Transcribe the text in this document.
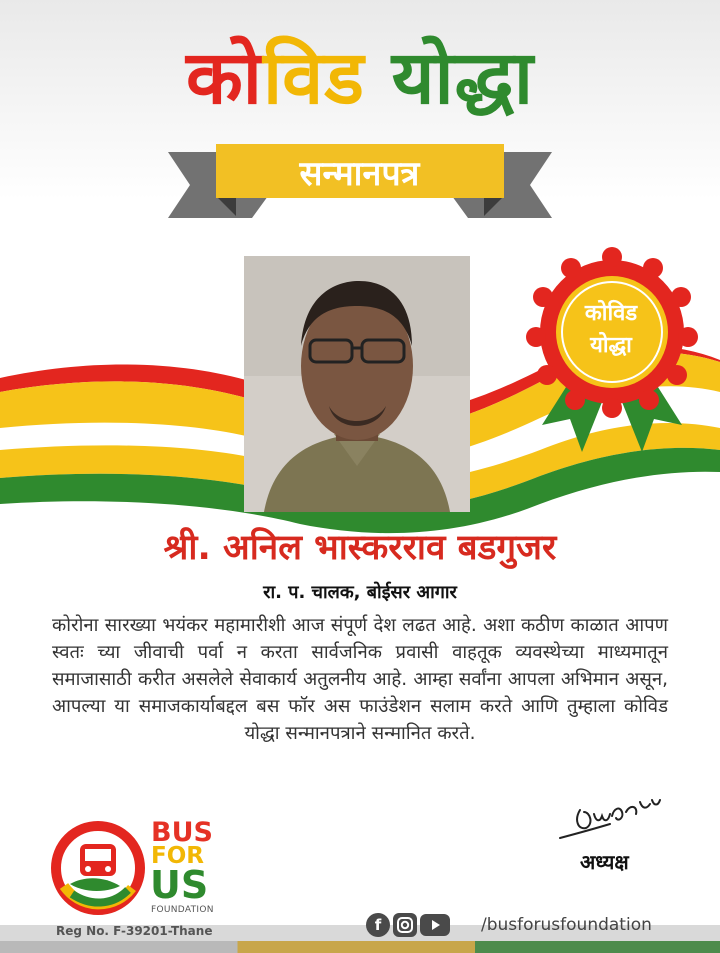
कोविड योद्धा
सन्मानपत्र
कोविड
योद्धा
श्री. अनिल भास्करराव बडगुजर
रा. प. चालक, बोईसर आगार
कोरोना सारख्या भयंकर महामारीशी आज संपूर्ण देश लढत आहे. अशा कठीण काळात आपण स्वतः च्या जीवाची पर्वा न करता सार्वजनिक प्रवासी वाहतूक व्यवस्थेच्या माध्यमातून समाजासाठी करीत असलेले सेवाकार्य अतुलनीय आहे. आम्हा सर्वांना आपला अभिमान असून, आपल्या या समाजकार्याबद्दल बस फॉर अस फाउंडेशन सलाम करते आणि तुम्हाला कोविड योद्धा सन्मानपत्राने सन्मानित करते.
अध्यक्ष
BUS
FOR
US
FOUNDATION
Reg No. F-39201-Thane	f	/busforusfoundation
